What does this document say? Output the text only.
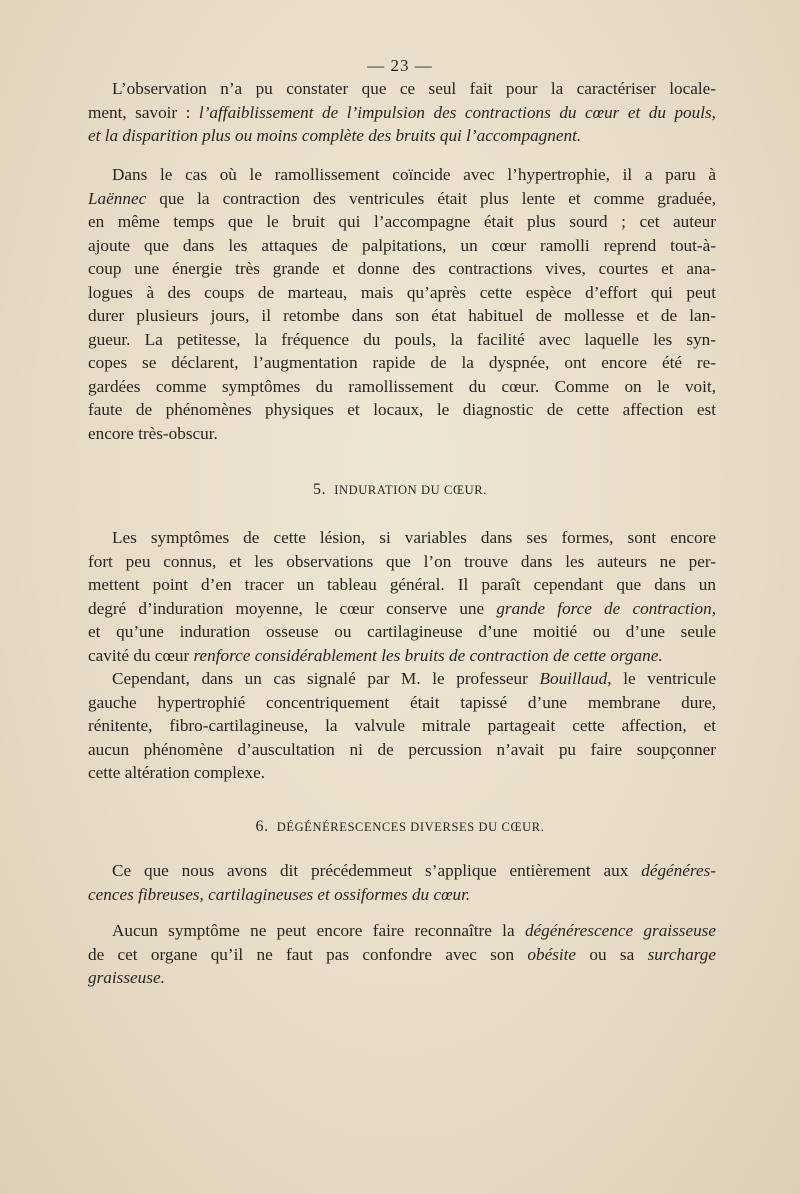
— 23 —
L’observation n’a pu constater que ce seul fait pour la caractériser locale-
ment, savoir : l’affaiblissement de l’impulsion des contractions du cœur et du pouls,
et la disparition plus ou moins complète des bruits qui l’accompagnent.
Dans le cas où le ramollissement coïncide avec l’hypertrophie, il a paru à
Laënnec que la contraction des ventricules était plus lente et comme graduée,
en même temps que le bruit qui l’accompagne était plus sourd ; cet auteur
ajoute que dans les attaques de palpitations, un cœur ramolli reprend tout-à-
coup une énergie très grande et donne des contractions vives, courtes et ana-
logues à des coups de marteau, mais qu’après cette espèce d’effort qui peut
durer plusieurs jours, il retombe dans son état habituel de mollesse et de lan-
gueur. La petitesse, la fréquence du pouls, la facilité avec laquelle les syn-
copes se déclarent, l’augmentation rapide de la dyspnée, ont encore été re-
gardées comme symptômes du ramollissement du cœur. Comme on le voit,
faute de phénomènes physiques et locaux, le diagnostic de cette affection est
encore très-obscur.
5. INDURATION DU CŒUR.
Les symptômes de cette lésion, si variables dans ses formes, sont encore
fort peu connus, et les observations que l’on trouve dans les auteurs ne per-
mettent point d’en tracer un tableau général. Il paraît cependant que dans un
degré d’induration moyenne, le cœur conserve une grande force de contraction,
et qu’une induration osseuse ou cartilagineuse d’une moitié ou d’une seule
cavité du cœur renforce considérablement les bruits de contraction de cette organe.
Cependant, dans un cas signalé par M. le professeur Bouillaud, le ventricule
gauche hypertrophié concentriquement était tapissé d’une membrane dure,
rénitente, fibro-cartilagineuse, la valvule mitrale partageait cette affection, et
aucun phénomène d’auscultation ni de percussion n’avait pu faire soupçonner
cette altération complexe.
6. DÉGÉNÉRESCENCES DIVERSES DU CŒUR.
Ce que nous avons dit précédemmeut s’applique entièrement aux dégénéres-
cences fibreuses, cartilagineuses et ossiformes du cœur.
Aucun symptôme ne peut encore faire reconnaître la dégénérescence graisseuse
de cet organe qu’il ne faut pas confondre avec son obésite ou sa surcharge
graisseuse.
